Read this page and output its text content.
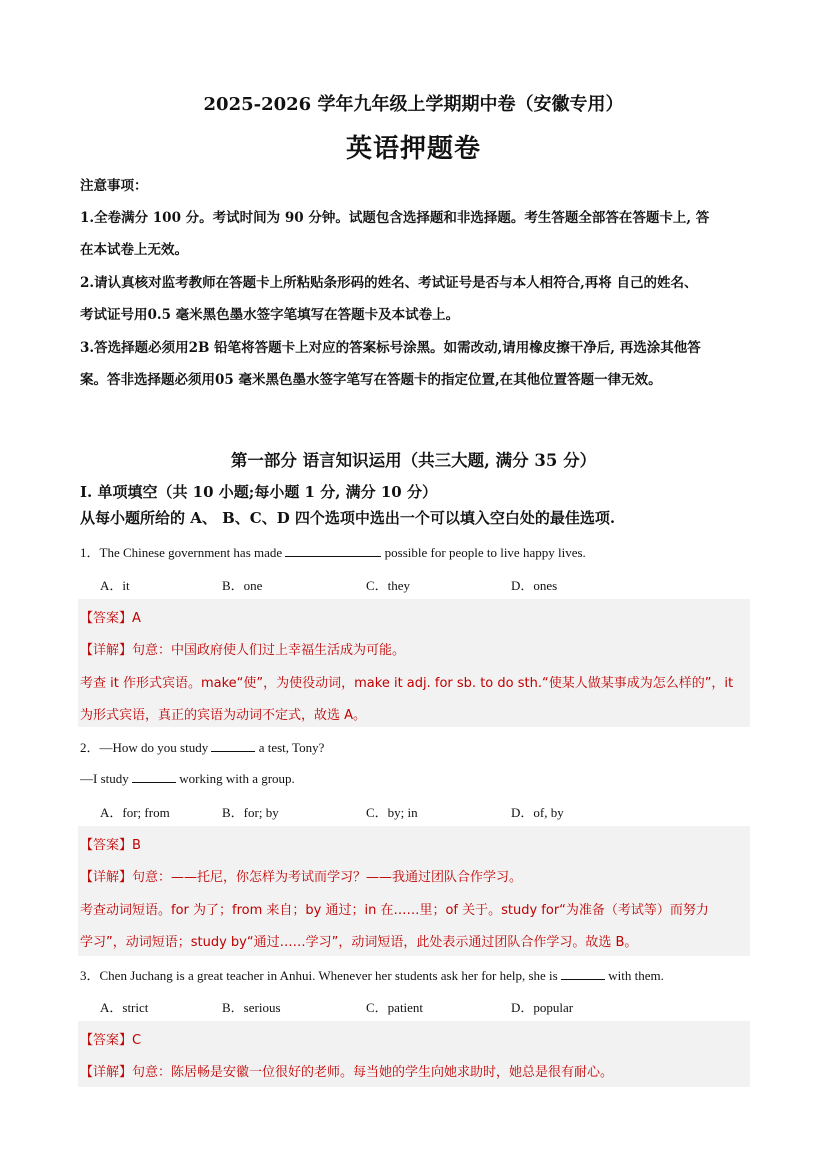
2025-2026 学年九年级上学期期中卷（安徽专用）
英语押题卷
注意事项：
1.全卷满分 100 分。考试时间为 90 分钟。试题包含选择题和非选择题。考生答题全部答在答题卡上, 答
在本试卷上无效。
2.请认真核对监考教师在答题卡上所粘贴条形码的姓名、考试证号是否与本人相符合,再将 自己的姓名、
考试证号用0.5 毫米黑色墨水签字笔填写在答题卡及本试卷上。
3.答选择题必须用2B 铅笔将答题卡上对应的答案标号涂黑。如需改动,请用橡皮擦干净后, 再选涂其他答
案。答非选择题必须用05 毫米黑色墨水签字笔写在答题卡的指定位置,在其他位置答题一律无效。
第一部分 语言知识运用（共三大题, 满分 35 分）
I. 单项填空（共 10 小题;每小题 1 分, 满分 10 分）
从每小题所给的 A、 B、C、D 四个选项中选出一个可以填入空白处的最佳选项.
1．The Chinese government has made	possible for people to live happy lives.
A．it	B．one	C．they	D．ones
【答案】A
【详解】句意：中国政府使人们过上幸福生活成为可能。
考查 it 作形式宾语。make“使”，为使役动词，make it adj. for sb. to do sth.“使某人做某事成为怎么样的”，it
为形式宾语，真正的宾语为动词不定式，故选 A。
2．—How do you study	a test, Tony?
—I study	working with a group.
A．for; from	B．for; by	C．by; in	D．of, by
【答案】B
【详解】句意：——托尼，你怎样为考试而学习？——我通过团队合作学习。
考查动词短语。for 为了；from 来自；by 通过；in 在……里；of 关于。study for“为准备（考试等）而努力
学习”，动词短语；study by“通过……学习”，动词短语，此处表示通过团队合作学习。故选 B。
3．Chen Juchang is a great teacher in Anhui. Whenever her students ask her for help, she is	with them.
A．strict	B．serious	C．patient	D．popular
【答案】C
【详解】句意：陈居畅是安徽一位很好的老师。每当她的学生向她求助时，她总是很有耐心。
